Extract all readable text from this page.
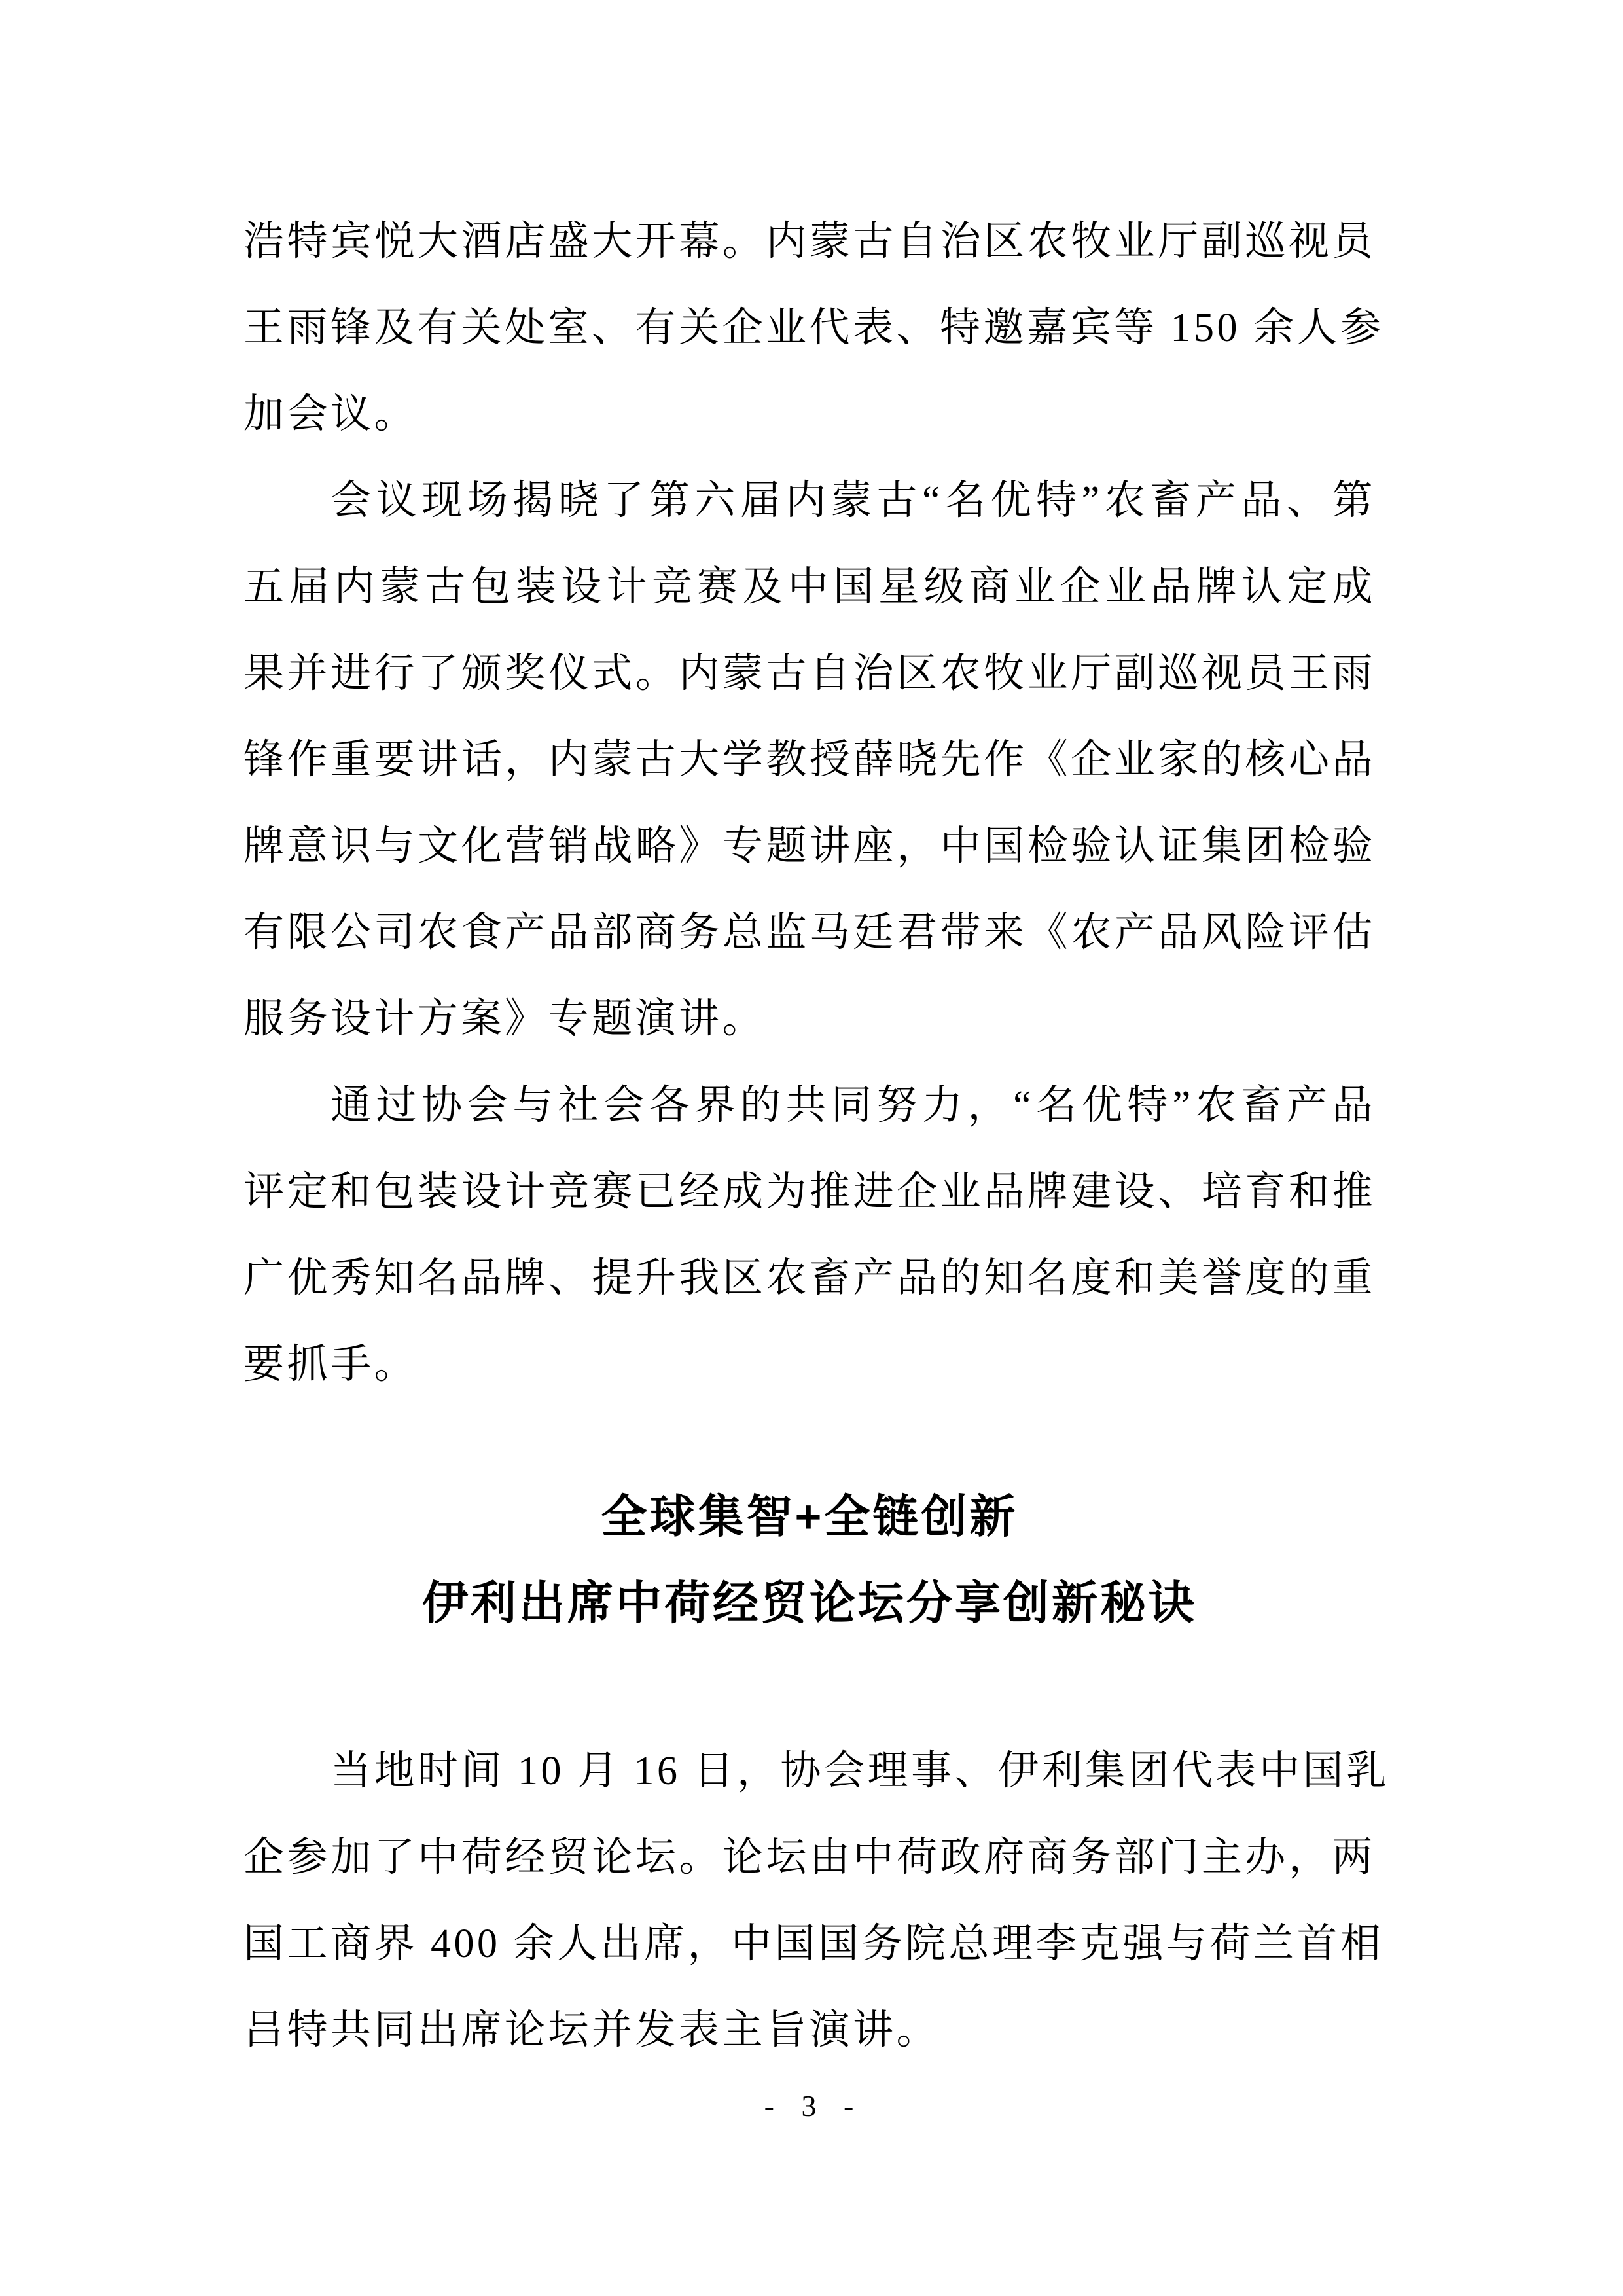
浩特宾悦大酒店盛大开幕。内蒙古自治区农牧业厅副巡视员
王雨锋及有关处室、有关企业代表、特邀嘉宾等 150 余人参
加会议。
会议现场揭晓了第六届内蒙古“名优特”农畜产品、第
五届内蒙古包装设计竞赛及中国星级商业企业品牌认定成
果并进行了颁奖仪式。内蒙古自治区农牧业厅副巡视员王雨
锋作重要讲话，内蒙古大学教授薛晓先作《企业家的核心品
牌意识与文化营销战略》专题讲座，中国检验认证集团检验
有限公司农食产品部商务总监马廷君带来《农产品风险评估
服务设计方案》专题演讲。
通过协会与社会各界的共同努力，“名优特”农畜产品
评定和包装设计竞赛已经成为推进企业品牌建设、培育和推
广优秀知名品牌、提升我区农畜产品的知名度和美誉度的重
要抓手。
全球集智+全链创新
伊利出席中荷经贸论坛分享创新秘诀
当地时间 10 月 16 日，协会理事、伊利集团代表中国乳
企参加了中荷经贸论坛。论坛由中荷政府商务部门主办，两
国工商界 400 余人出席，中国国务院总理李克强与荷兰首相
吕特共同出席论坛并发表主旨演讲。
- 3 -
